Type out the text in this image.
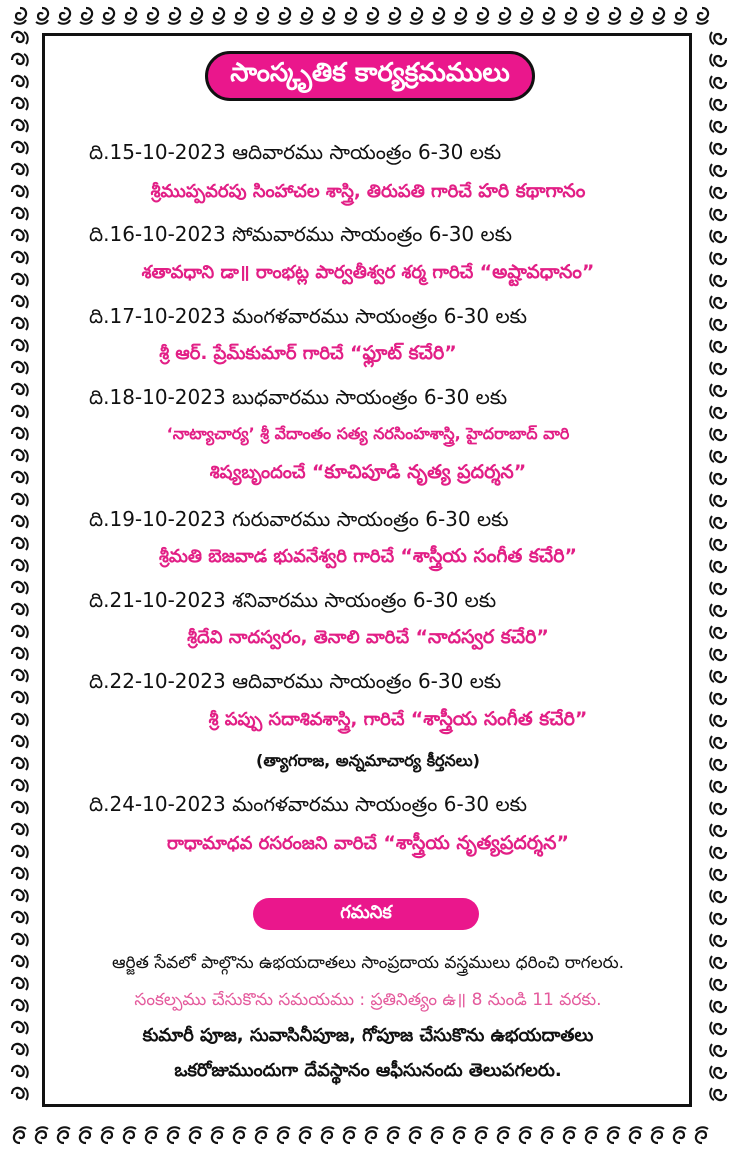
సాంస్కృతిక కార్యక్రమములు
ది.15-10-2023 ఆదివారము సాయంత్రం 6-30 లకు
శ్రీముప్పవరపు సింహాచల శాస్త్రి, తిరుపతి గారిచే హరి కథాగానం
ది.16-10-2023 సోమవారము సాయంత్రం 6-30 లకు
శతావధాని డా॥ రాంభట్ల పార్వతీశ్వర శర్మ గారిచే “అష్టావధానం”
ది.17-10-2023 మంగళవారము సాయంత్రం 6-30 లకు
శ్రీ ఆర్. ప్రేమ్‌కుమార్ గారిచే “ఫ్లూట్ కచేరి”
ది.18-10-2023 బుధవారము సాయంత్రం 6-30 లకు
‘నాట్యాచార్య’ శ్రీ వేదాంతం సత్య నరసింహశాస్త్రి, హైదరాబాద్ వారి
శిష్యబృందంచే “కూచిపూడి నృత్య ప్రదర్శన”
ది.19-10-2023 గురువారము సాయంత్రం 6-30 లకు
శ్రీమతి బెజవాడ భువనేశ్వరి గారిచే “శాస్త్రీయ సంగీత కచేరి”
ది.21-10-2023 శనివారము సాయంత్రం 6-30 లకు
శ్రీదేవి నాదస్వరం, తెనాలి వారిచే “నాదస్వర కచేరి”
ది.22-10-2023 ఆదివారము సాయంత్రం 6-30 లకు
శ్రీ పప్పు సదాశివశాస్త్రి, గారిచే “శాస్త్రీయ సంగీత కచేరి”
(త్యాగరాజ, అన్నమాచార్య కీర్తనలు)
ది.24-10-2023 మంగళవారము సాయంత్రం 6-30 లకు
రాధామాధవ రసరంజని వారిచే “శాస్త్రీయ నృత్యప్రదర్శన”
గమనిక
ఆర్జిత సేవలో పాల్గొను ఉభయదాతలు సాంప్రదాయ వస్త్రములు ధరించి రాగలరు.
సంకల్పము చేసుకొను సమయము : ప్రతినిత్యం ఉ॥ 8 నుండి 11 వరకు.
కుమారీ పూజ, సువాసినీపూజ, గోపూజ చేసుకొను ఉభయదాతలు
ఒకరోజుముందుగా దేవస్థానం ఆఫీసునందు తెలుపగలరు.
